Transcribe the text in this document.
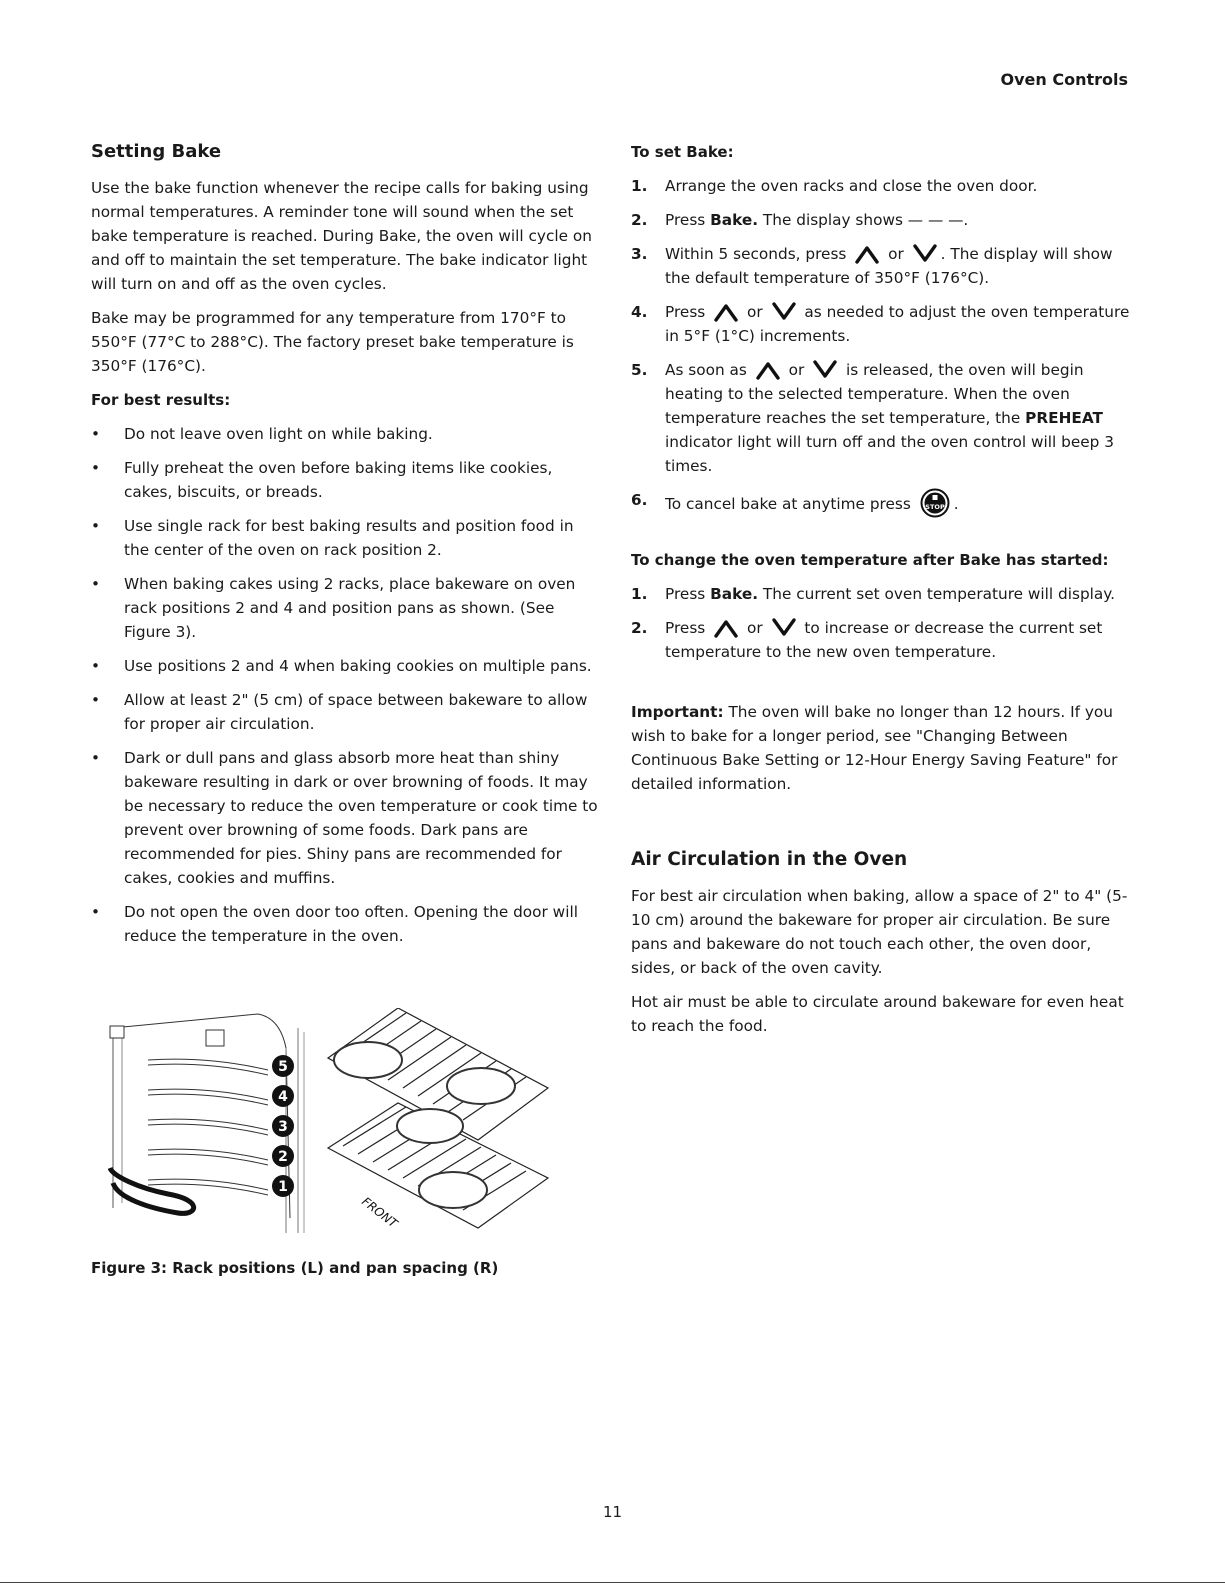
Oven Controls
Setting Bake

Use the bake function whenever the recipe calls for baking using normal temperatures. A reminder tone will sound when the set bake temperature is reached. During Bake, the oven will cycle on and off to maintain the set temperature. The bake indicator light will turn on and off as the oven cycles.

Bake may be programmed for any temperature from 170°F to 550°F (77°C to 288°C). The factory preset bake temperature is 350°F (176°C).

For best results:
• Do not leave oven light on while baking.
• Fully preheat the oven before baking items like cookies, cakes, biscuits, or breads.
• Use single rack for best baking results and position food in the center of the oven on rack position 2.
• When baking cakes using 2 racks, place bakeware on oven rack positions 2 and 4 and position pans as shown. (See Figure 3).
• Use positions 2 and 4 when baking cookies on multiple pans.
• Allow at least 2" (5 cm) of space between bakeware to allow for proper air circulation.
• Dark or dull pans and glass absorb more heat than shiny bakeware resulting in dark or over browning of foods. It may be necessary to reduce the oven temperature or cook time to prevent over browning of some foods. Dark pans are recommended for pies. Shiny pans are recommended for cakes, cookies and muffins.
• Do not open the oven door too often. Opening the door will reduce the temperature in the oven.
5
4
3
2
1
FRONT
Figure 3: Rack positions (L) and pan spacing (R)
To set Bake:
1. Arrange the oven racks and close the oven door.
2. Press Bake. The display shows — — —.
3. Within 5 seconds, press  or . The display will show the default temperature of 350°F (176°C).
4. Press  or  as needed to adjust the oven temperature in 5°F (1°C) increments.
5. As soon as  or  is released, the oven will begin heating to the selected temperature. When the oven temperature reaches the set temperature, the PREHEAT indicator light will turn off and the oven control will beep 3 times.
6. To cancel bake at anytime press STOP .
To change the oven temperature after Bake has started:
1. Press Bake. The current set oven temperature will display.
2. Press  or  to increase or decrease the current set temperature to the new oven temperature.

Important: The oven will bake no longer than 12 hours. If you wish to bake for a longer period, see "Changing Between Continuous Bake Setting or 12-Hour Energy Saving Feature" for detailed information.

Air Circulation in the Oven

For best air circulation when baking, allow a space of 2" to 4" (5-10 cm) around the bakeware for proper air circulation. Be sure pans and bakeware do not touch each other, the oven door, sides, or back of the oven cavity.

Hot air must be able to circulate around bakeware for even heat to reach the food.

11
